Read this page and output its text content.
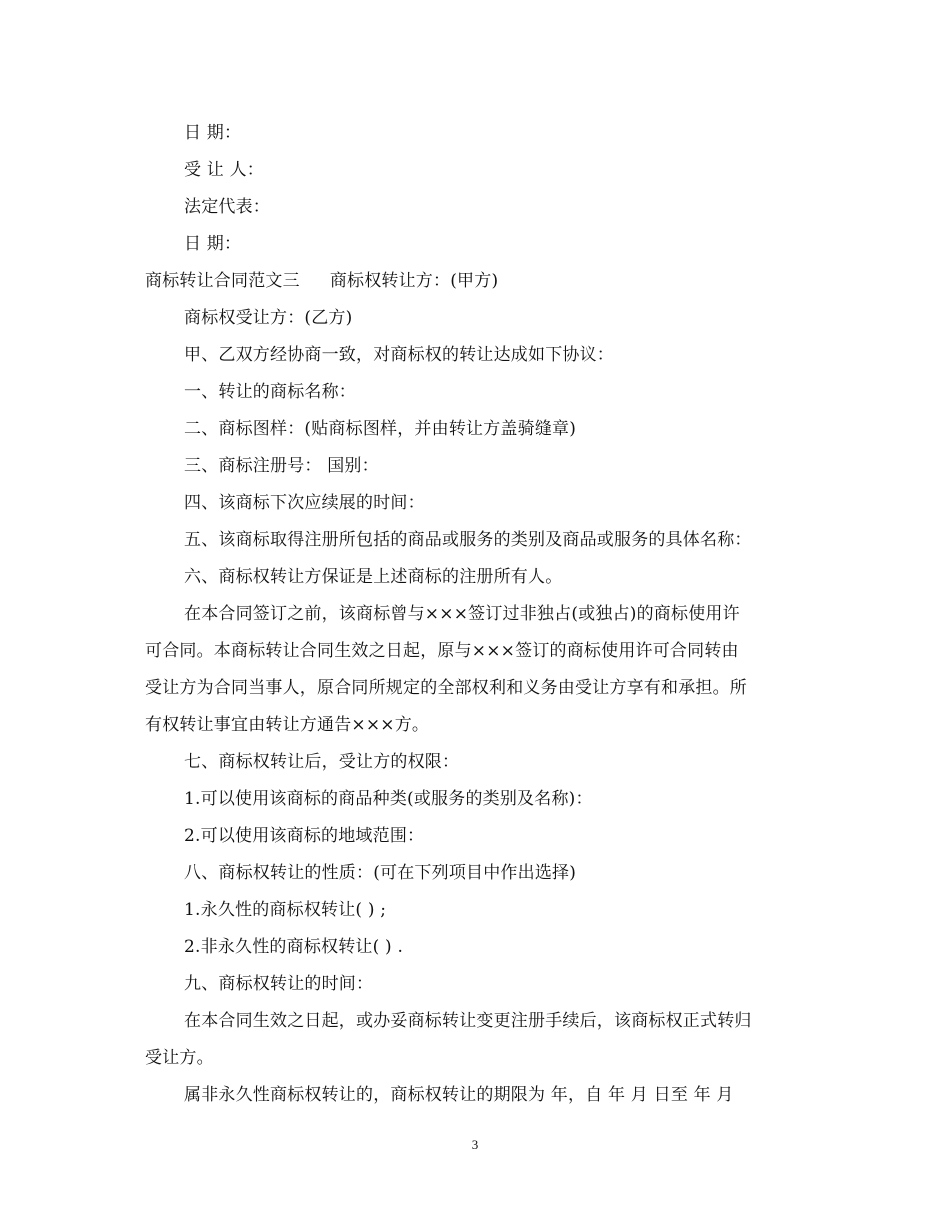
日 期：
受 让 人：
法定代表：
日 期：
商标转让合同范文三 商标权转让方：(甲方)
商标权受让方：(乙方)
甲、乙双方经协商一致，对商标权的转让达成如下协议：
一、转让的商标名称：
二、商标图样：(贴商标图样，并由转让方盖骑缝章)
三、商标注册号： 国别：
四、该商标下次应续展的时间：
五、该商标取得注册所包括的商品或服务的类别及商品或服务的具体名称：
六、商标权转让方保证是上述商标的注册所有人。
在本合同签订之前，该商标曾与×××签订过非独占(或独占)的商标使用许
可合同。本商标转让合同生效之日起，原与×××签订的商标使用许可合同转由
受让方为合同当事人，原合同所规定的全部权利和义务由受让方享有和承担。所
有权转让事宜由转让方通告×××方。
七、商标权转让后，受让方的权限：
1.可以使用该商标的商品种类(或服务的类别及名称)：
2.可以使用该商标的地域范围：
八、商标权转让的性质：(可在下列项目中作出选择)
1.永久性的商标权转让( ) ;
2.非永久性的商标权转让( ) .
九、商标权转让的时间：
在本合同生效之日起，或办妥商标转让变更注册手续后，该商标权正式转归
受让方。
属非永久性商标权转让的，商标权转让的期限为 年，自 年 月 日至 年 月
3
